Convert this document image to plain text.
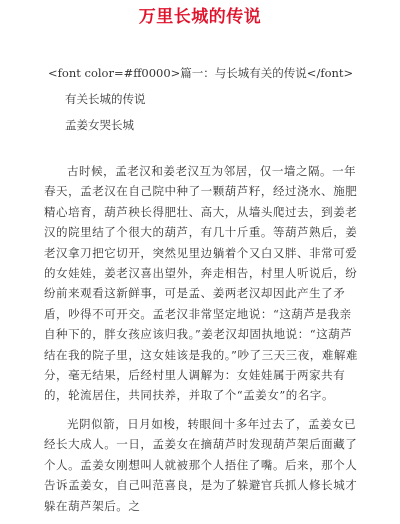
万里长城的传说
<font color=#ff0000>篇一：与长城有关的传说</font>
有关长城的传说
孟姜女哭长城

古时候，孟老汉和姜老汉互为邻居，仅一墙之隔。一年春天，孟老汉在自己院中种了一颗葫芦籽，经过浇水、施肥精心培育，葫芦秧长得肥壮、高大，从墙头爬过去，到姜老汉的院里结了个很大的葫芦，有几十斤重。等葫芦熟后，姜老汉拿刀把它切开，突然见里边躺着个又白又胖、非常可爱的女娃娃，姜老汉喜出望外，奔走相告，村里人听说后，纷纷前来观看这新鲜事，可是孟、姜两老汉却因此产生了矛盾，吵得不可开交。孟老汉非常坚定地说：“这葫芦是我亲自种下的，胖女孩应该归我。”姜老汉却固执地说：“这葫芦结在我的院子里，这女娃该是我的。”吵了三天三夜，难解难分，毫无结果，后经村里人调解为：女娃娃属于两家共有的，轮流居住，共同扶养，并取了个“孟姜女”的名字。

光阴似箭，日月如梭，转眼间十多年过去了，孟姜女已经长大成人。一日，孟姜女在摘葫芦时发现葫芦架后面藏了个人。孟姜女刚想叫人就被那个人捂住了嘴。后来，那个人告诉孟姜女，自己叫范喜良，是为了躲避官兵抓人修长城才躲在葫芦架后。之
